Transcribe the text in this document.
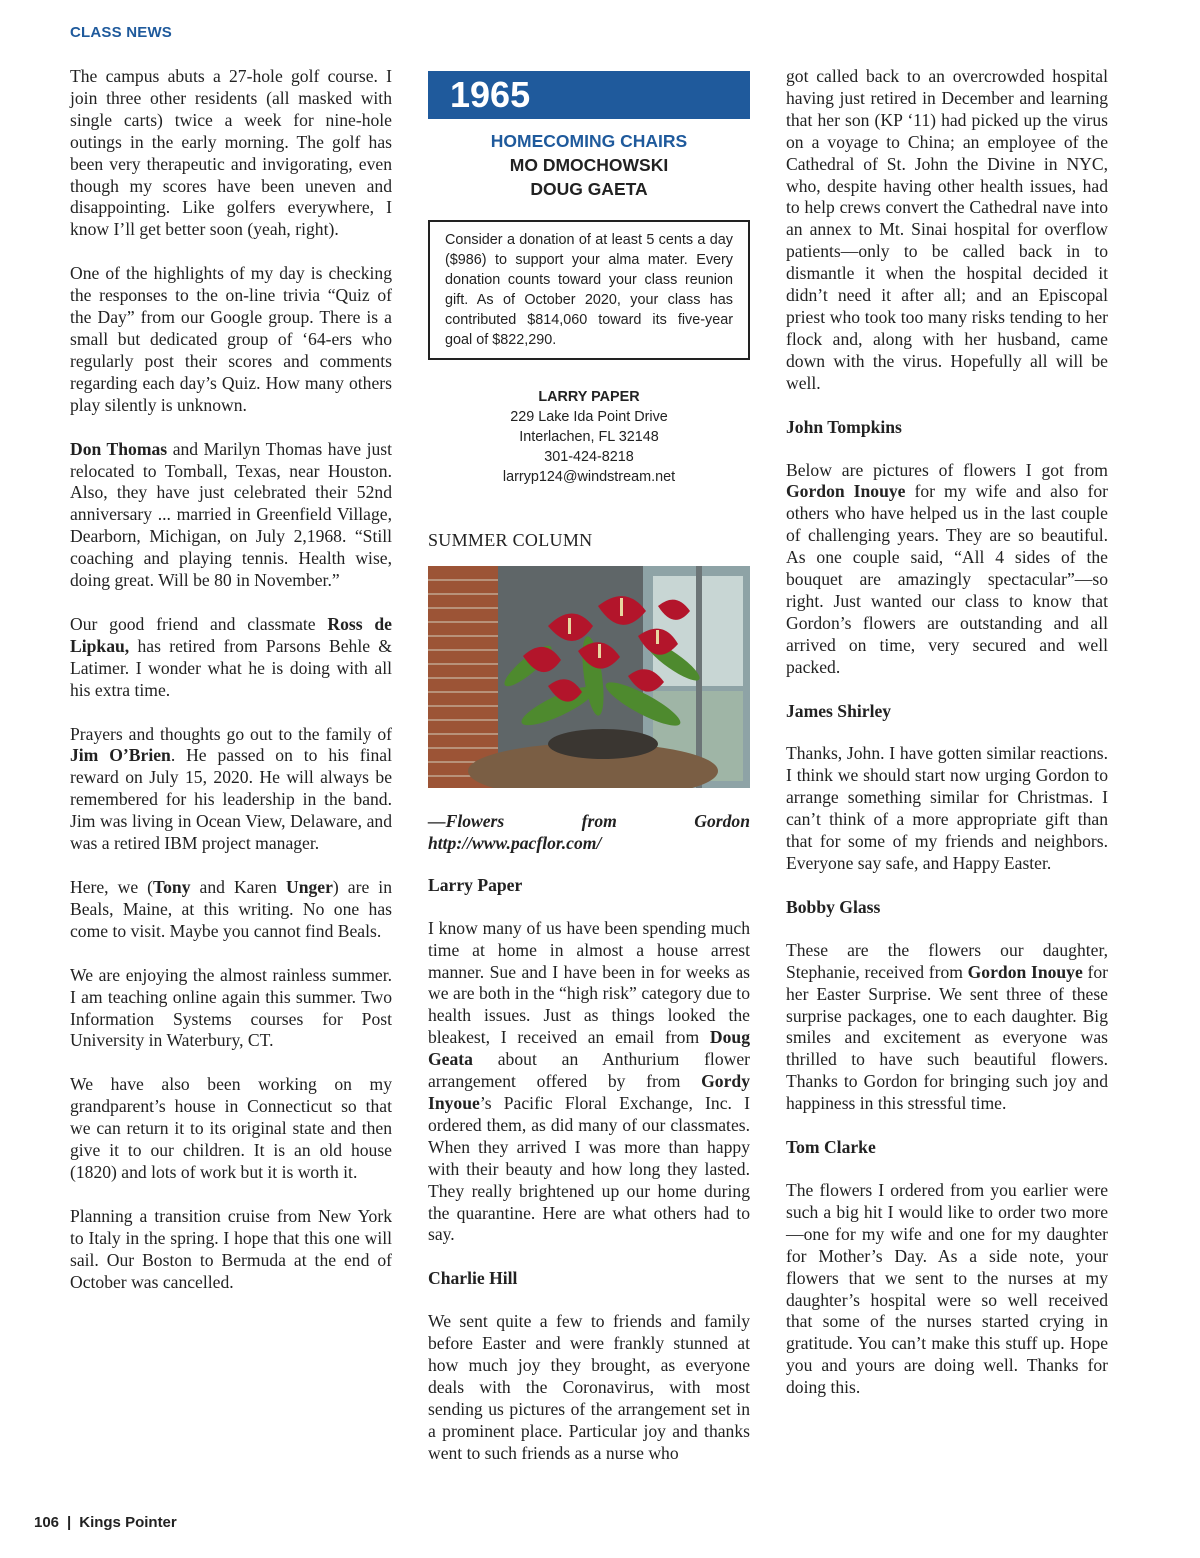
CLASS NEWS

The campus abuts a 27-hole golf course. I join three other residents (all masked with single carts) twice a week for nine-hole outings in the early morning. The golf has been very therapeutic and invigorating, even though my scores have been uneven and disappointing. Like golfers everywhere, I know I’ll get better soon (yeah, right).

One of the highlights of my day is checking the responses to the on-line trivia “Quiz of the Day” from our Google group. There is a small but dedicated group of ‘64-ers who regularly post their scores and comments regarding each day’s Quiz. How many others play silently is unknown.

Don Thomas and Marilyn Thomas have just relocated to Tomball, Texas, near Houston. Also, they have just celebrated their 52nd anniversary ... married in Greenfield Village, Dearborn, Michigan, on July 2,1968. “Still coaching and playing tennis. Health wise, doing great. Will be 80 in November.”

Our good friend and classmate Ross de Lipkau, has retired from Parsons Behle & Latimer. I wonder what he is doing with all his extra time.

Prayers and thoughts go out to the family of Jim O’Brien. He passed on to his final reward on July 15, 2020. He will always be remembered for his leadership in the band. Jim was living in Ocean View, Delaware, and was a retired IBM project manager.

Here, we (Tony and Karen Unger) are in Beals, Maine, at this writing. No one has come to visit. Maybe you cannot find Beals.

We are enjoying the almost rainless summer. I am teaching online again this summer. Two Information Systems courses for Post University in Waterbury, CT.

We have also been working on my grandparent’s house in Connecticut so that we can return it to its original state and then give it to our children. It is an old house (1820) and lots of work but it is worth it.

Planning a transition cruise from New York to Italy in the spring. I hope that this one will sail. Our Boston to Bermuda at the end of October was cancelled.

1965
HOMECOMING CHAIRS
MO DMOCHOWSKI
DOUG GAETA
Consider a donation of at least 5 cents a day ($986) to support your alma mater. Every donation counts toward your class reunion gift. As of October 2020, your class has contributed $814,060 toward its five-year goal of $822,290.
LARRY PAPER
229 Lake Ida Point Drive
Interlachen, FL 32148
301-424-8218
larryp124@windstream.net
SUMMER COLUMN
—Flowers from Gordon http://www.pacflor.com/
Larry Paper

I know many of us have been spending much time at home in almost a house arrest manner. Sue and I have been in for weeks as we are both in the “high risk” category due to health issues. Just as things looked the bleakest, I received an email from Doug Geata about an Anthurium flower arrangement offered by from Gordy Inyoue’s Pacific Floral Exchange, Inc. I ordered them, as did many of our classmates. When they arrived I was more than happy with their beauty and how long they lasted. They really brightened up our home during the quarantine. Here are what others had to say.

Charlie Hill

We sent quite a few to friends and family before Easter and were frankly stunned at how much joy they brought, as everyone deals with the Coronavirus, with most sending us pictures of the arrangement set in a prominent place. Particular joy and thanks went to such friends as a nurse who

got called back to an overcrowded hospital having just retired in December and learning that her son (KP ‘11) had picked up the virus on a voyage to China; an employee of the Cathedral of St. John the Divine in NYC, who, despite having other health issues, had to help crews convert the Cathedral nave into an annex to Mt. Sinai hospital for overflow patients—only to be called back in to dismantle it when the hospital decided it didn’t need it after all; and an Episcopal priest who took too many risks tending to her flock and, along with her husband, came down with the virus. Hopefully all will be well.

John Tompkins

Below are pictures of flowers I got from Gordon Inouye for my wife and also for others who have helped us in the last couple of challenging years. They are so beautiful. As one couple said, “All 4 sides of the bouquet are amazingly spectacular”—so right. Just wanted our class to know that Gordon’s flowers are outstanding and all arrived on time, very secured and well packed.

James Shirley

Thanks, John. I have gotten similar reactions. I think we should start now urging Gordon to arrange something similar for Christmas. I can’t think of a more appropriate gift than that for some of my friends and neighbors. Everyone say safe, and Happy Easter.

Bobby Glass

These are the flowers our daughter, Stephanie, received from Gordon Inouye for her Easter Surprise. We sent three of these surprise packages, one to each daughter. Big smiles and excitement as everyone was thrilled to have such beautiful flowers. Thanks to Gordon for bringing such joy and happiness in this stressful time.

Tom Clarke

The flowers I ordered from you earlier were such a big hit I would like to order two more—one for my wife and one for my daughter for Mother’s Day. As a side note, your flowers that we sent to the nurses at my daughter’s hospital were so well received that some of the nurses started crying in gratitude. You can’t make this stuff up. Hope you and yours are doing well. Thanks for doing this.

106 | Kings Pointer
